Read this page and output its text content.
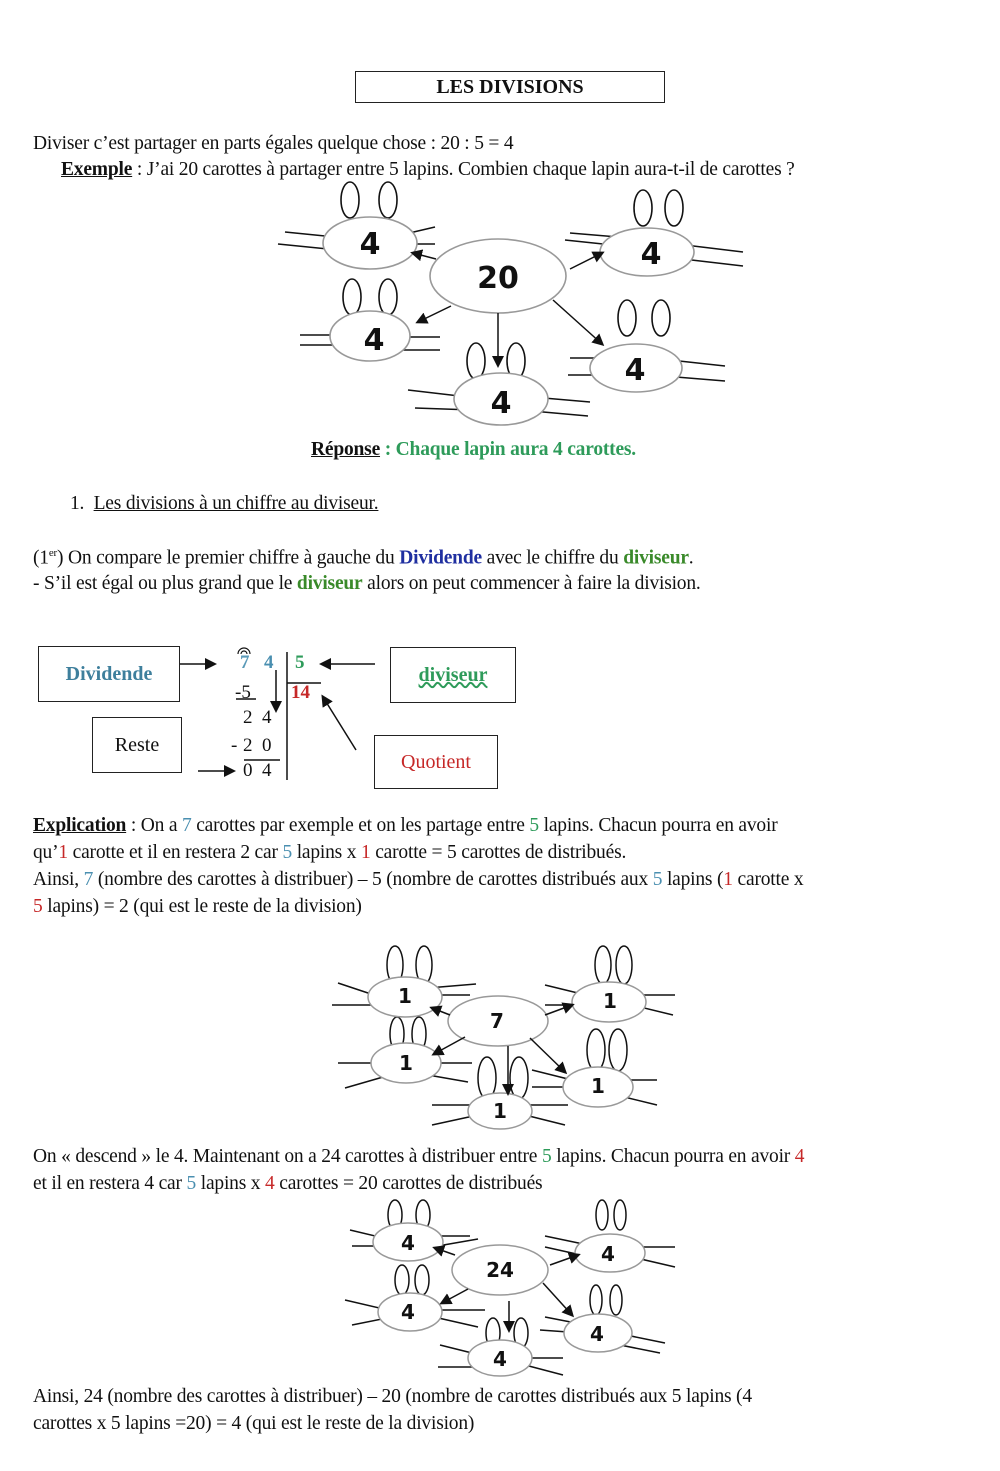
LES DIVISIONS
Diviser c’est partager en parts égales quelque chose : 20 : 5 = 4
Exemple : J’ai 20 carottes à partager entre 5 lapins. Combien chaque lapin aura-t-il de carottes ?
20
4	4
4
4
4
Réponse : Chaque lapin aura 4 carottes.
1. Les divisions à un chiffre au diviseur.
(1er) On compare le premier chiffre à gauche du Dividende avec le chiffre du diviseur.
- S’il est égal ou plus grand que le diviseur alors on peut commencer à faire la division.
Dividende	diviseur
Reste
Quotient
7 4 5
14
-5
2  4
- 2  0
0  4
Explication : On a 7 carottes par exemple et on les partage entre 5 lapins. Chacun pourra en avoir
qu’1 carotte et il en restera 2 car 5 lapins x 1 carotte = 5 carottes de distribués.
Ainsi, 7 (nombre des carottes à distribuer) – 5 (nombre de carottes distribués aux 5 lapins (1 carotte x
5 lapins) = 2 (qui est le reste de la division)
7
1	1
1
1
1
On « descend » le 4. Maintenant on a 24 carottes à distribuer entre 5 lapins. Chacun pourra en avoir 4
et il en restera 4 car 5 lapins x 4 carottes = 20 carottes de distribués
24
4	4
4
4
4
Ainsi, 24 (nombre des carottes à distribuer) – 20 (nombre de carottes distribués aux 5 lapins (4
carottes x 5 lapins =20) = 4 (qui est le reste de la division)
